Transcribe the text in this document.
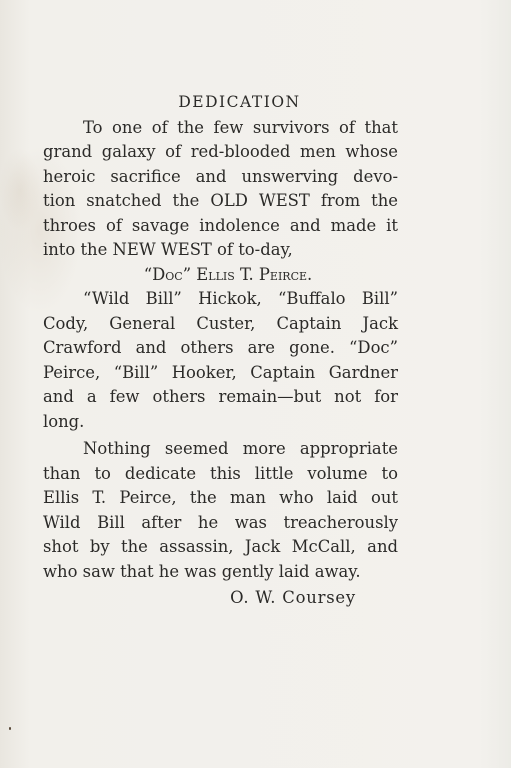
DEDICATION
To one of the few survivors of that
grand galaxy of red-blooded men whose
heroic sacrifice and unswerving devo-
tion snatched the OLD WEST from the
throes of savage indolence and made it
into the NEW WEST of to-day,
“Doc” Ellis T. Peirce.
“Wild Bill” Hickok, “Buffalo Bill”
Cody, General Custer, Captain Jack
Crawford and others are gone. “Doc”
Peirce, “Bill” Hooker, Captain Gardner
and a few others remain—but not for
long.
Nothing seemed more appropriate
than to dedicate this little volume to
Ellis T. Peirce, the man who laid out
Wild Bill after he was treacherously
shot by the assassin, Jack McCall, and
who saw that he was gently laid away.
O. W. Coursey
